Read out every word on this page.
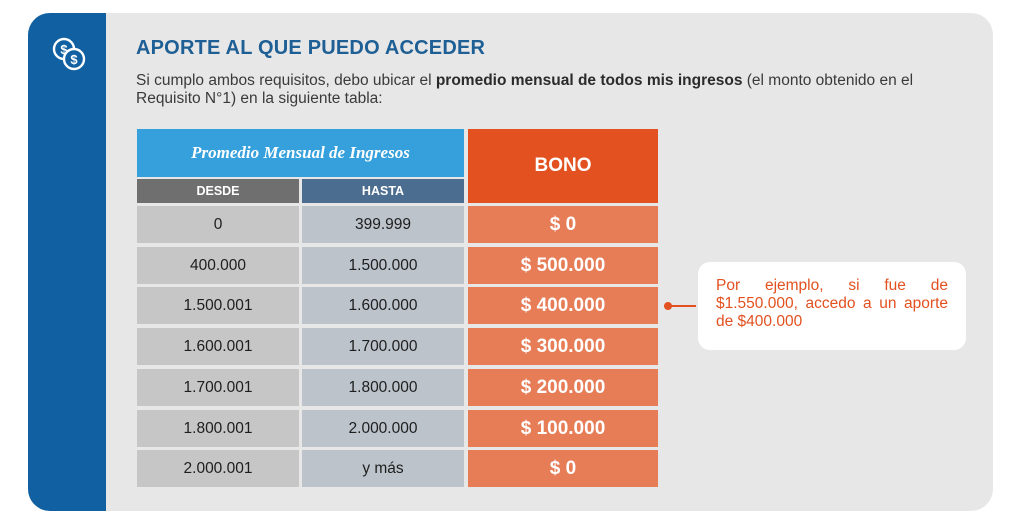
$
$
APORTE AL QUE PUEDO ACCEDER

Si cumplo ambos requisitos, debo ubicar el promedio mensual de todos mis ingresos (el monto obtenido en el Requisito N°1) en la siguiente tabla:

Promedio Mensual de Ingresos
DESDE	HASTA
BONO
0	399.999	$ 0
400.000	1.500.000	$ 500.000
1.500.001	1.600.000	$ 400.000
1.600.001	1.700.000	$ 300.000
1.700.001	1.800.000	$ 200.000
1.800.001	2.000.000	$ 100.000
2.000.001	y más	$ 0
Por ejemplo, si fue de $1.550.000, accedo a un aporte de $400.000
